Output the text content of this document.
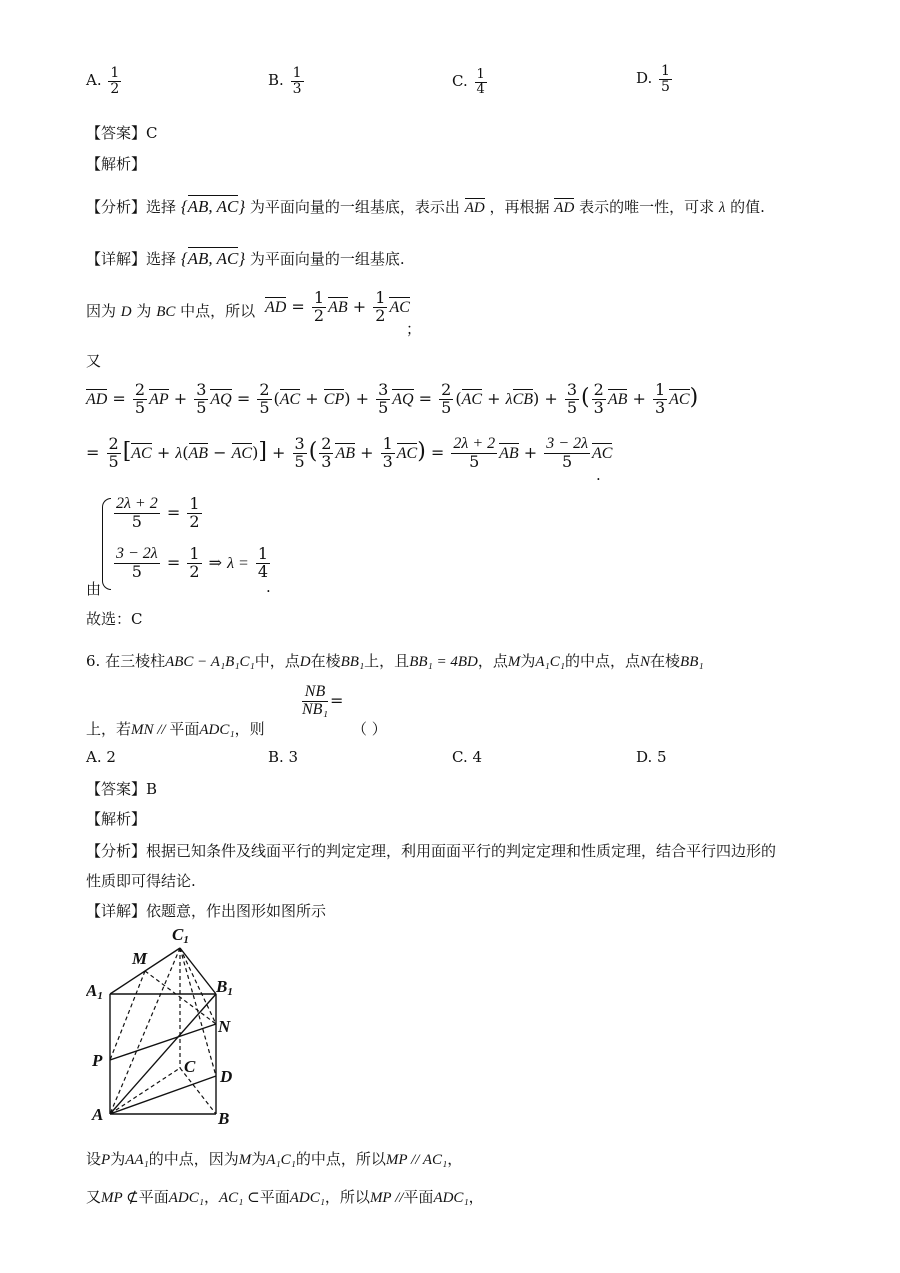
A. $\frac{1}{2}$	B. $\frac{1}{3}$	C. $\frac{1}{4}$	D. $\frac{1}{5}$
【答案】C
【解析】
【分析】选择 {AB, AC} 为平面向量的一组基底，表示出 AD ，再根据 AD 表示的唯一性，可求 λ 的值.
【详解】选择 {AB, AC} 为平面向量的一组基底.
因为 D 为 BC 中点，所以 AD = $\frac{1}{2}$ AB + $\frac{1}{2}$ AC
；
又
AD = $\frac{2}{5}$ AP + $\frac{3}{5}$ AQ = $\frac{2}{5} (AC + CP) + \frac{3}{5}$ AQ = $\frac{2}{5} (AC + \lambda CB) + \frac{3}{5}$ ( $\frac{2}{3}$ AB + $\frac{1}{3} AC$)
= $\frac{2}{5} [AC + \lambda(AB - AC)] + \frac{3}{5}$ ( $\frac{2}{3}$ AB + $\frac{1}{3} AC) = \frac{2\lambda + 2}{5}$ AB + $\frac{3 - 2\lambda}{5}$ AC
.
$\frac{2\lambda + 2}{5} = \frac{1}{2}$
$\frac{3 - 2\lambda}{5} = \frac{1}{2}$ ⇒ $\lambda = \frac{1}{4}$
由	.
故选：C
6. 在三棱柱ABC − A₁B₁C₁中，点D在棱BB₁上，且BB₁ = 4BD，点M为A₁C₁的中点，点N在棱BB₁
上，若MN // 平面ADC₁，则
$\frac{NB}{\text{NB₁}}$ =
（ ）
A. 2	B. 3	C. 4	D. 5
【答案】B
【解析】
【分析】根据已知条件及线面平行的判定定理，利用面面平行的判定定理和性质定理，结合平行四边形的
性质即可得结论.
【详解】依题意，作出图形如图所示
C1
M
A1	B1
N
P	C
D
A	B
设P为AA₁的中点，因为M为A₁C₁的中点，所以MP // AC₁，
又MP ⊄平面ADC₁，AC₁ ⊂平面ADC₁，所以MP //平面ADC₁，
